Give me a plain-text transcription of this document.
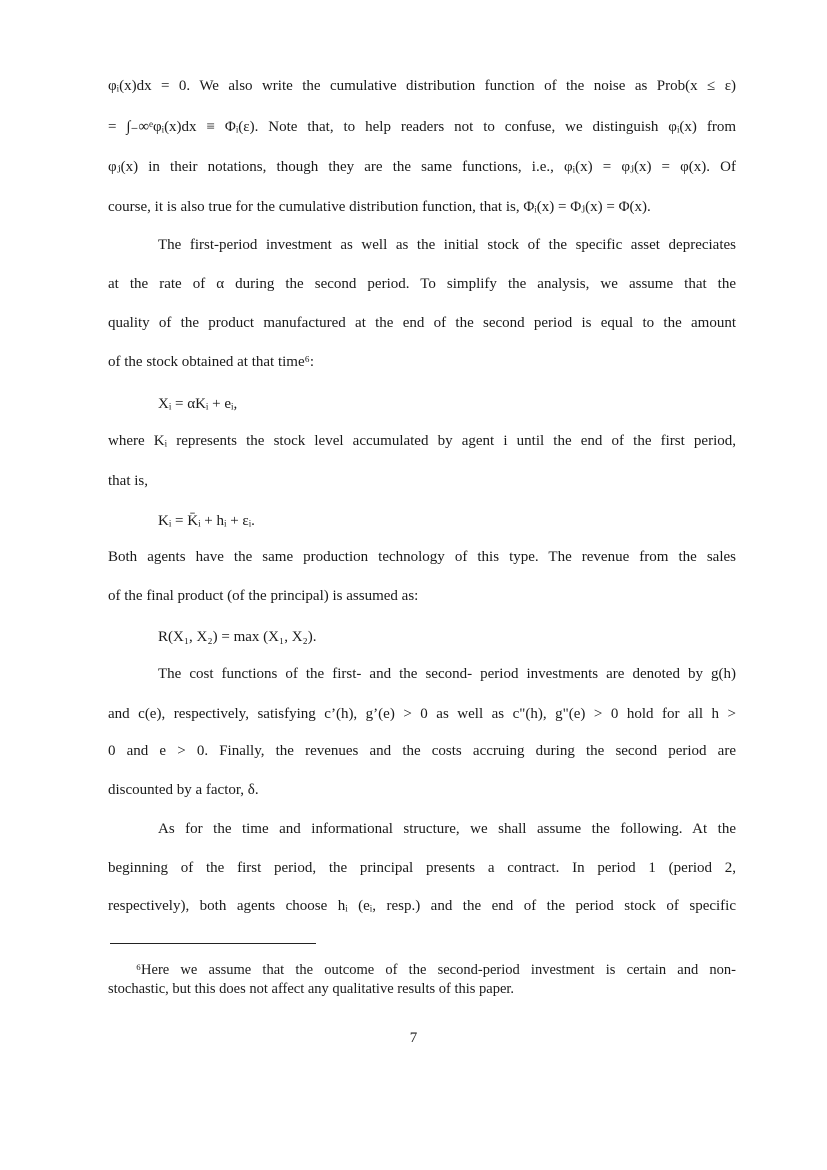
φᵢ(x)dx = 0. We also write the cumulative distribution function of the noise as Prob(x ≤ ε)
= ∫₋∞ᵉφᵢ(x)dx ≡ Φᵢ(ε). Note that, to help readers not to confuse, we distinguish φᵢ(x) from
φⱼ(x) in their notations, though they are the same functions, i.e., φᵢ(x) = φⱼ(x) = φ(x). Of
course, it is also true for the cumulative distribution function, that is, Φᵢ(x) = Φⱼ(x) = Φ(x).
The first-period investment as well as the initial stock of the specific asset depreciates
at the rate of α during the second period. To simplify the analysis, we assume that the
quality of the product manufactured at the end of the second period is equal to the amount
of the stock obtained at that time⁶:
Xᵢ = αKᵢ + eᵢ,
where Kᵢ represents the stock level accumulated by agent i until the end of the first period,
that is,
Kᵢ = K̄ᵢ + hᵢ + εᵢ.
Both agents have the same production technology of this type. The revenue from the sales
of the final product (of the principal) is assumed as:
R(X₁, X₂) = max (X₁, X₂).
The cost functions of the first- and the second- period investments are denoted by g(h)
and c(e), respectively, satisfying c’(h), g’(e) > 0 as well as c"(h), g"(e) > 0 hold for all h >
0 and e > 0. Finally, the revenues and the costs accruing during the second period are
discounted by a factor, δ.
As for the time and informational structure, we shall assume the following. At the
beginning of the first period, the principal presents a contract. In period 1 (period 2,
respectively), both agents choose hᵢ (eᵢ, resp.) and the end of the period stock of specific
⁶Here we assume that the outcome of the second-period investment is certain and non-
stochastic, but this does not affect any qualitative results of this paper.
7
